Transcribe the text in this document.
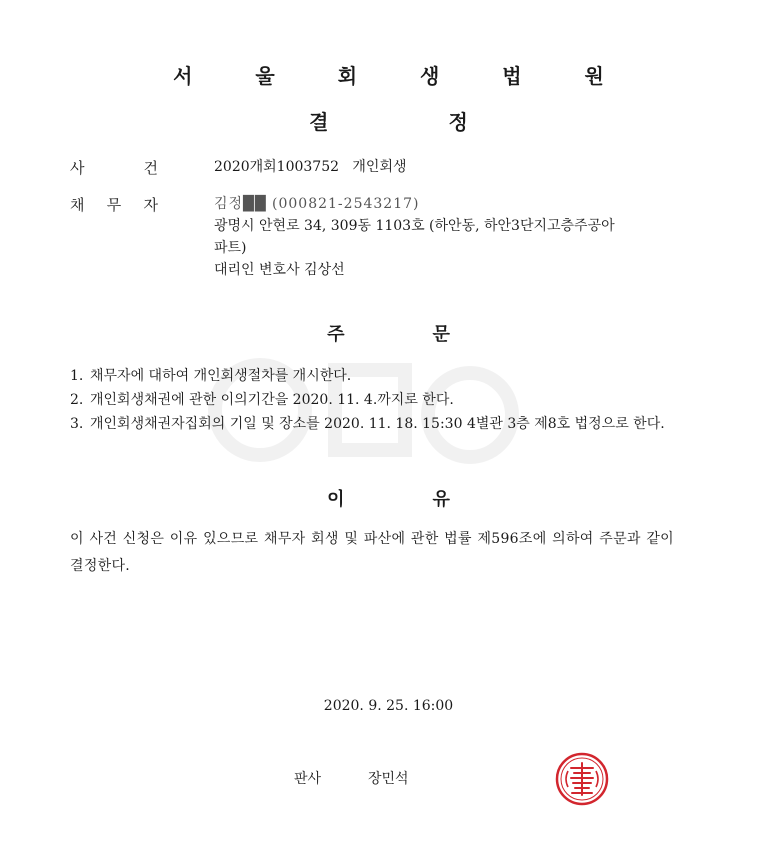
서 울 회 생 법 원
결	정
사	건	2020개회1003752 개인회생
채 무 자	김정██ (000821-2543217)
광명시 안현로 34, 309동 1103호 (하안동, 하안3단지고층주공아
파트)
대리인 변호사 김상선
주	문
1. 채무자에 대하여 개인회생절차를 개시한다.
2. 개인회생채권에 관한 이의기간을 2020. 11. 4.까지로 한다.
3. 개인회생채권자집회의 기일 및 장소를 2020. 11. 18. 15:30 4별관 3층 제8호 법정으로 한다.
이	유
이 사건 신청은 이유 있으므로 채무자 회생 및 파산에 관한 법률 제596조에 의하여 주문과 같이 결정한다.
2020. 9. 25. 16:00
판사	장민석
